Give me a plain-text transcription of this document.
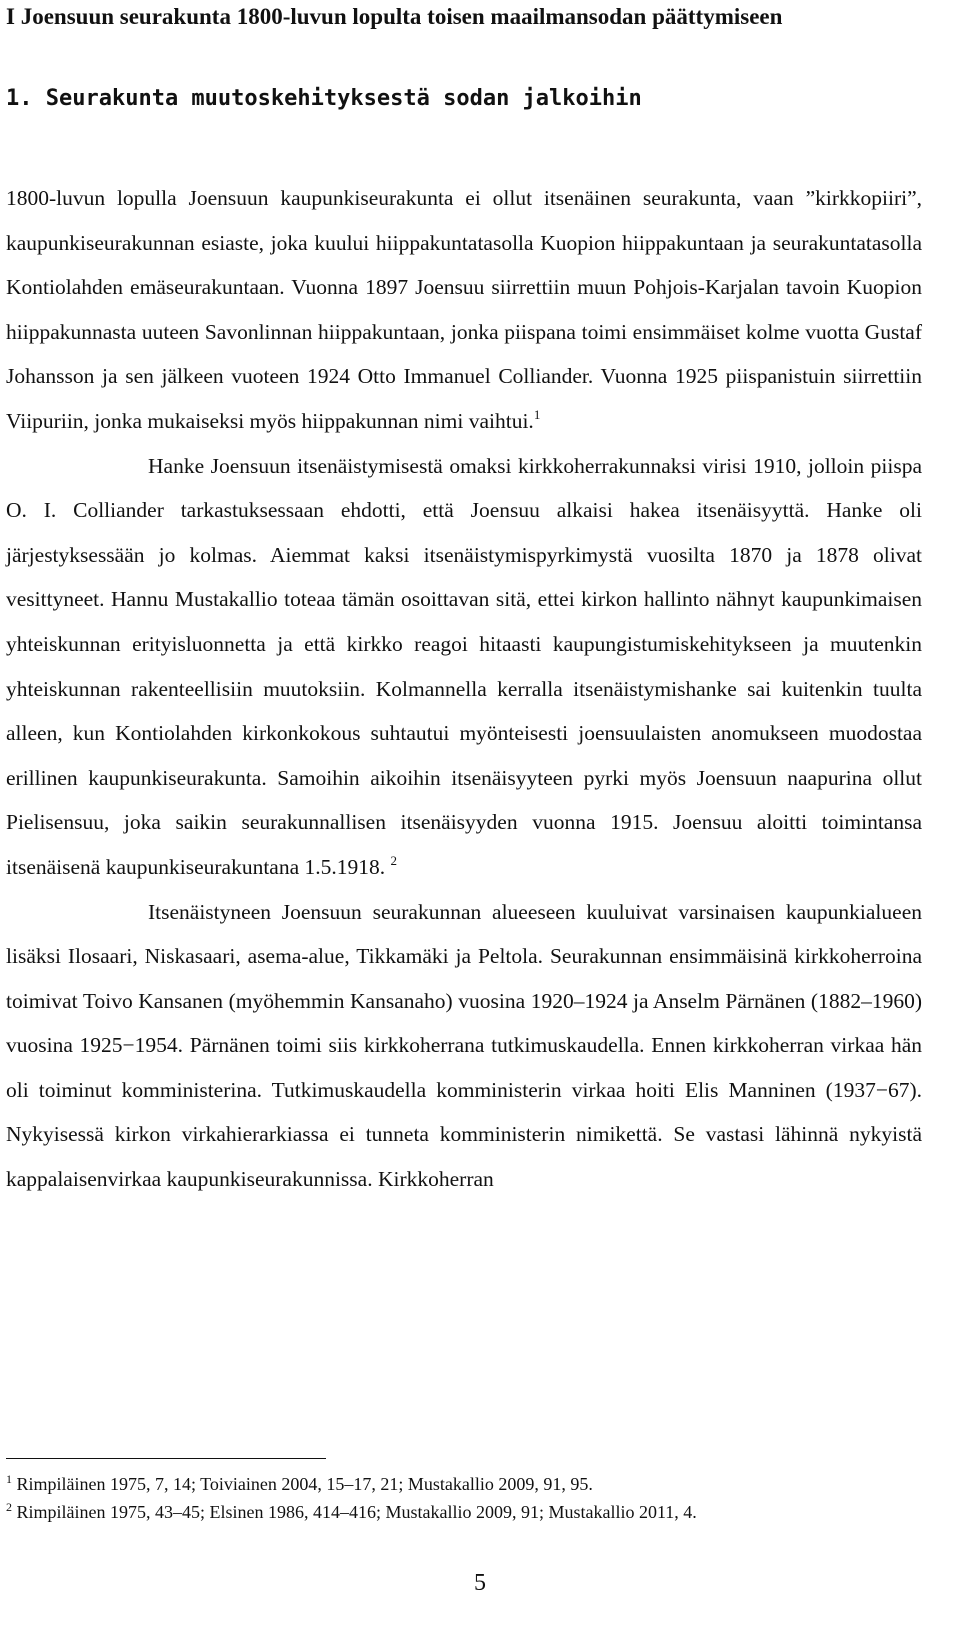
I Joensuun seurakunta 1800-luvun lopulta toisen maailmansodan päättymiseen
1. Seurakunta muutoskehityksestä sodan jalkoihin

1800-luvun lopulla Joensuun kaupunkiseurakunta ei ollut itsenäinen seurakunta, vaan ”kirkkopiiri”, kaupunkiseurakunnan esiaste, joka kuului hiippakuntatasolla Kuopion hiippakuntaan ja seurakuntatasolla Kontiolahden emäseurakuntaan. Vuonna 1897 Joensuu siirrettiin muun Pohjois-Karjalan tavoin Kuopion hiippakunnasta uuteen Savonlinnan hiippakuntaan, jonka piispana toimi ensimmäiset kolme vuotta Gustaf Johansson ja sen jälkeen vuoteen 1924 Otto Immanuel Colliander. Vuonna 1925 piispanistuin siirrettiin Viipuriin, jonka mukaiseksi myös hiippakunnan nimi vaihtui.$^1$

Hanke Joensuun itsenäistymisestä omaksi kirkkoherrakunnaksi virisi 1910, jolloin piispa O. I. Colliander tarkastuksessaan ehdotti, että Joensuu alkaisi hakea itsenäisyyttä. Hanke oli järjestyksessään jo kolmas. Aiemmat kaksi itsenäistymispyrkimystä vuosilta 1870 ja 1878 olivat vesittyneet. Hannu Mustakallio toteaa tämän osoittavan sitä, ettei kirkon hallinto nähnyt kaupunkimaisen yhteiskunnan erityisluonnetta ja että kirkko reagoi hitaasti kaupungistumiskehitykseen ja muutenkin yhteiskunnan rakenteellisiin muutoksiin. Kolmannella kerralla itsenäistymishanke sai kuitenkin tuulta alleen, kun Kontiolahden kirkonkokous suhtautui myönteisesti joensuulaisten anomukseen muodostaa erillinen kaupunkiseurakunta. Samoihin aikoihin itsenäisyyteen pyrki myös Joensuun naapurina ollut Pielisensuu, joka saikin seurakunnallisen itsenäisyyden vuonna 1915. Joensuu aloitti toimintansa itsenäisenä kaupunkiseurakuntana 1.5.1918. $^2$

Itsenäistyneen Joensuun seurakunnan alueeseen kuuluivat varsinaisen kaupunkialueen lisäksi Ilosaari, Niskasaari, asema-alue, Tikkamäki ja Peltola. Seurakunnan ensimmäisinä kirkkoherroina toimivat Toivo Kansanen (myöhemmin Kansanaho) vuosina 1920–1924 ja Anselm Pärnänen (1882–1960) vuosina 1925−1954. Pärnänen toimi siis kirkkoherrana tutkimuskaudella. Ennen kirkkoherran virkaa hän oli toiminut komministerina. Tutkimuskaudella komministerin virkaa hoiti Elis Manninen (1937−67). Nykyisessä kirkon virkahierarkiassa ei tunneta komministerin nimikettä. Se vastasi lähinnä nykyistä kappalaisenvirkaa kaupunkiseurakunnissa. Kirkkoherran

$^1$ Rimpiläinen 1975, 7, 14; Toiviainen 2004, 15–17, 21; Mustakallio 2009, 91, 95.
$^2$ Rimpiläinen 1975, 43–45; Elsinen 1986, 414–416; Mustakallio 2009, 91; Mustakallio 2011, 4.
5
